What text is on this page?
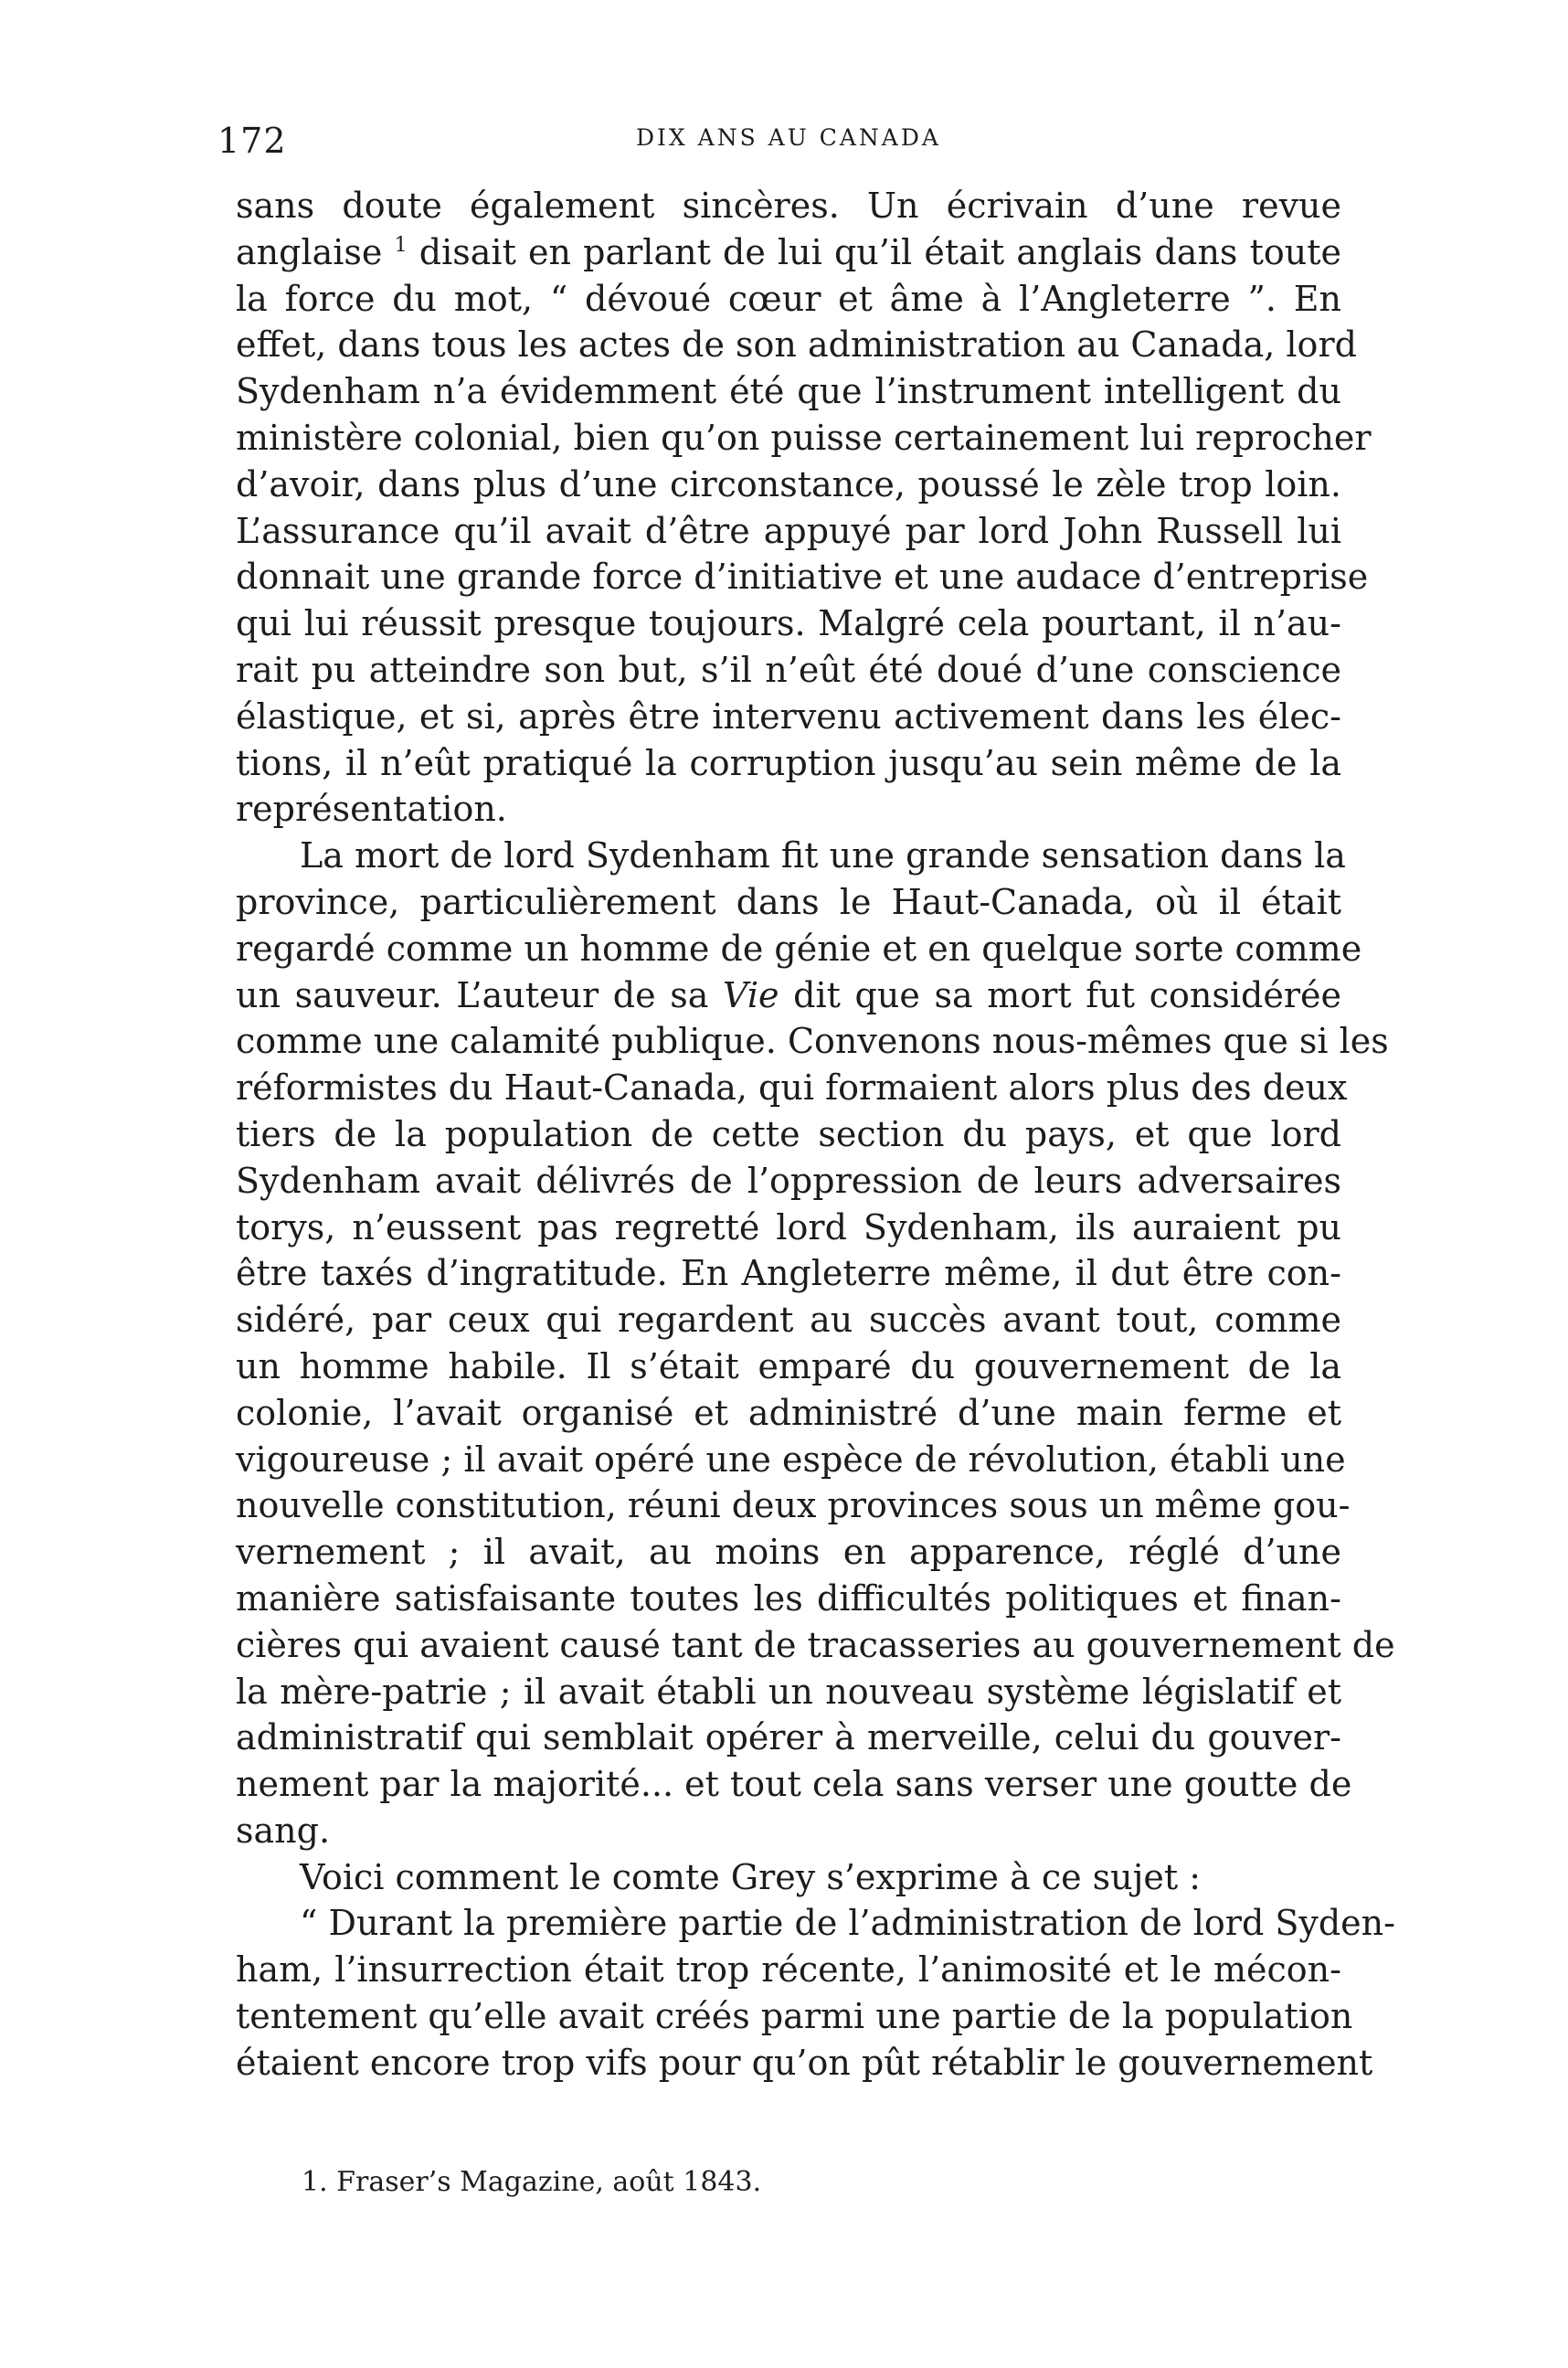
172	DIX ANS AU CANADA
sans doute également sincères. Un écrivain d’une revue
anglaise $^1$ disait en parlant de lui qu’il était anglais dans toute
la force du mot, “ dévoué cœur et âme à l’Angleterre ”. En
effet, dans tous les actes de son administration au Canada, lord
Sydenham n’a évidemment été que l’instrument intelligent du
ministère colonial, bien qu’on puisse certainement lui reprocher
d’avoir, dans plus d’une circonstance, poussé le zèle trop loin.
L’assurance qu’il avait d’être appuyé par lord John Russell lui
donnait une grande force d’initiative et une audace d’entreprise
qui lui réussit presque toujours. Malgré cela pourtant, il n’au-
rait pu atteindre son but, s’il n’eût été doué d’une conscience
élastique, et si, après être intervenu activement dans les élec-
tions, il n’eût pratiqué la corruption jusqu’au sein même de la
représentation.
La mort de lord Sydenham fit une grande sensation dans la
province, particulièrement dans le Haut-Canada, où il était
regardé comme un homme de génie et en quelque sorte comme
un sauveur. L’auteur de sa Vie dit que sa mort fut considérée
comme une calamité publique. Convenons nous-mêmes que si les
réformistes du Haut-Canada, qui formaient alors plus des deux
tiers de la population de cette section du pays, et que lord
Sydenham avait délivrés de l’oppression de leurs adversaires
torys, n’eussent pas regretté lord Sydenham, ils auraient pu
être taxés d’ingratitude. En Angleterre même, il dut être con-
sidéré, par ceux qui regardent au succès avant tout, comme
un homme habile. Il s’était emparé du gouvernement de la
colonie, l’avait organisé et administré d’une main ferme et
vigoureuse ; il avait opéré une espèce de révolution, établi une
nouvelle constitution, réuni deux provinces sous un même gou-
vernement ; il avait, au moins en apparence, réglé d’une
manière satisfaisante toutes les difficultés politiques et finan-
cières qui avaient causé tant de tracasseries au gouvernement de
la mère-patrie ; il avait établi un nouveau système législatif et
administratif qui semblait opérer à merveille, celui du gouver-
nement par la majorité... et tout cela sans verser une goutte de
sang.
Voici comment le comte Grey s’exprime à ce sujet :
“ Durant la première partie de l’administration de lord Syden-
ham, l’insurrection était trop récente, l’animosité et le mécon-
tentement qu’elle avait créés parmi une partie de la population
étaient encore trop vifs pour qu’on pût rétablir le gouvernement
1. Fraser’s Magazine, août 1843.
